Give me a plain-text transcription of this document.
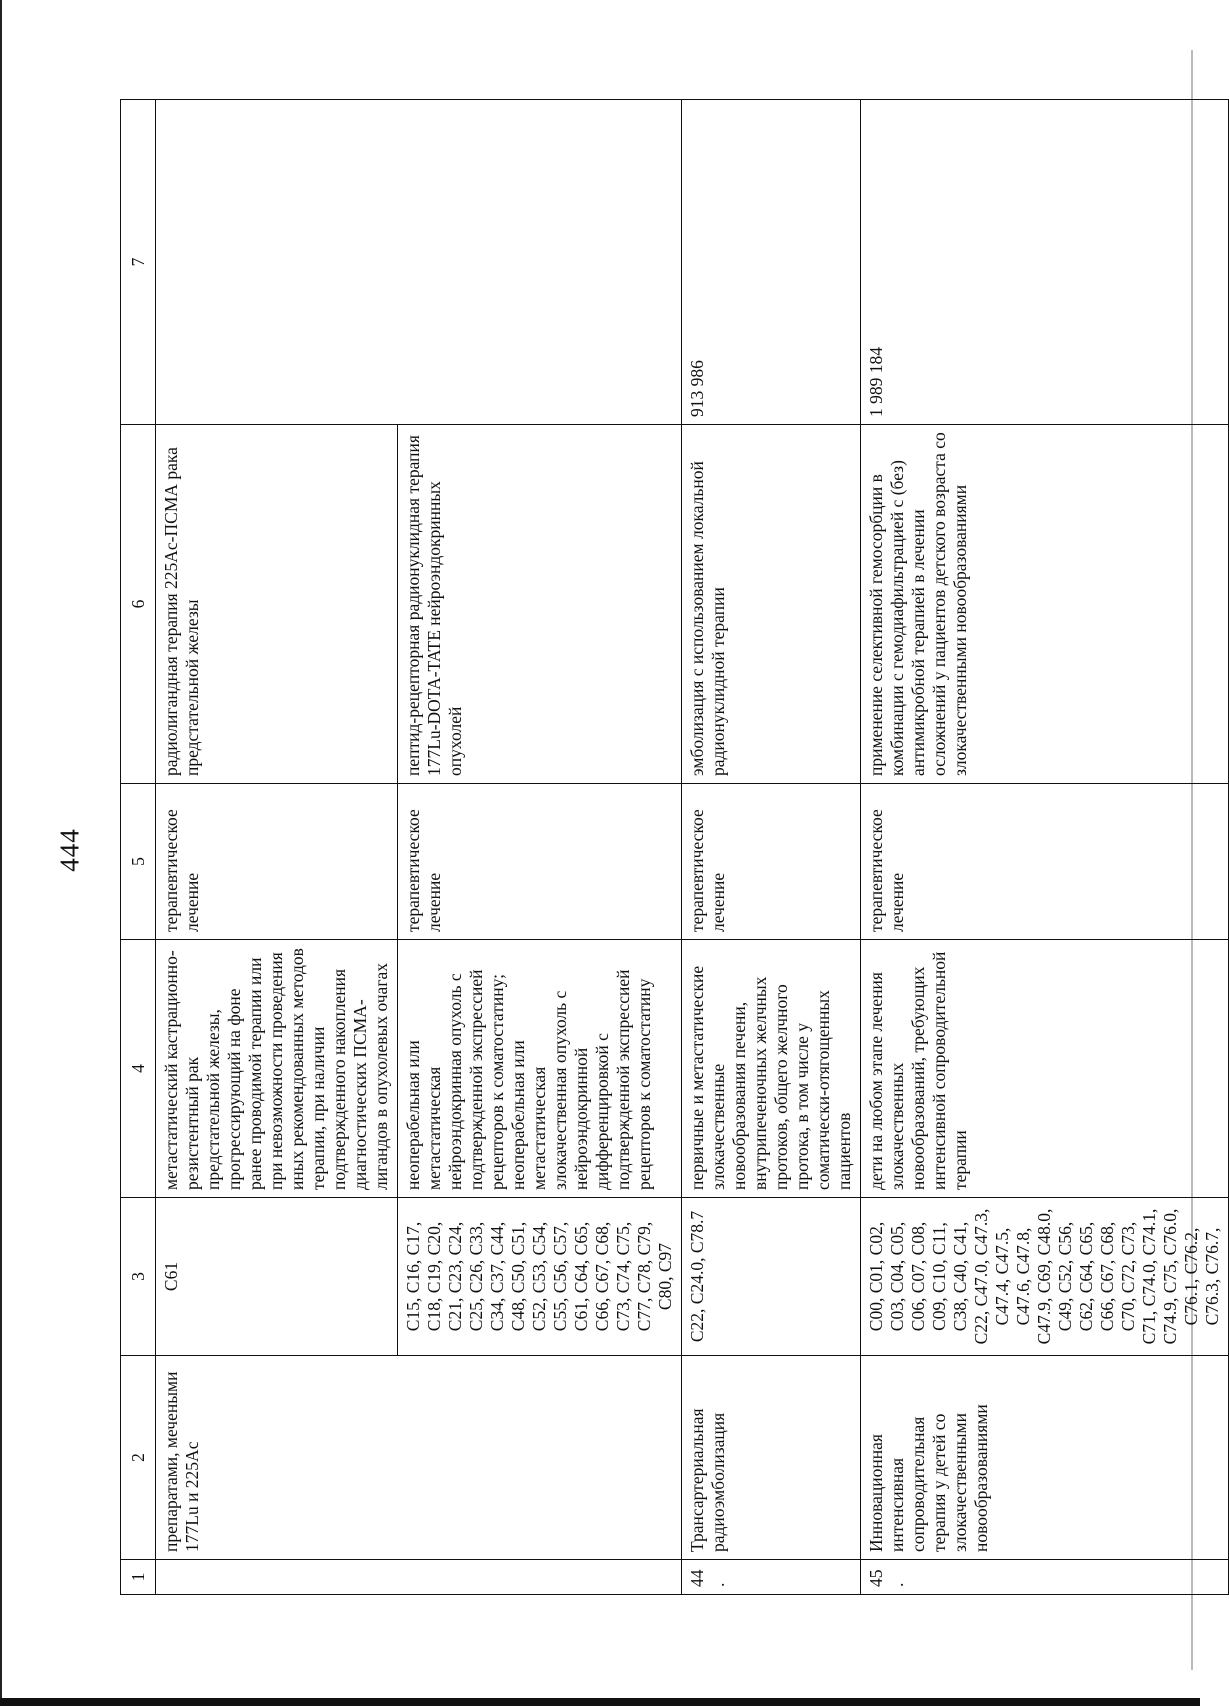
444
1	2	3	4	5	6	7
	препаратами, мечеными 177Lu и 225Ac	C61	метастатический кастрационно-резистентный рак предстательной железы, прогрессирующий на фоне ранее проводимой терапии или при невозможности проведения иных рекомендованных методов терапии, при наличии подтвержденного накопления диагностических ПСМА-лигандов в опухолевых очагах	терапевтическое лечение	радиолигандная терапия 225Ac-ПСМА рака предстательной железы	
		C15, C16, C17, C18, C19, C20, C21, C23, C24, C25, C26, C33, C34, C37, C44, C48, C50, C51, C52, C53, C54, C55, C56, C57, C61, C64, C65, C66, C67, C68, C73, C74, C75, C77, C78, C79, C80, C97	неоперабельная или метастатическая нейроэндокринная опухоль с подтвержденной экспрессией рецепторов к соматостатину; неоперабельная или метастатическая злокачественная опухоль с нейроэндокринной дифференцировкой с подтвержденной экспрессией рецепторов к соматостатину	терапевтическое лечение	пептид-рецепторная радионуклидная терапия 177Lu-DOTA-TATE нейроэндокринных опухолей	
44.	Трансартериальная радиоэмболизация	C22, C24.0, C78.7	первичные и метастатические злокачественные новообразования печени, внутрипеченочных желчных протоков, общего желчного протока, в том числе у соматически-отягощенных пациентов	терапевтическое лечение	эмболизация с использованием локальной радионуклидной терапии	913 986
45.	Инновационная интенсивная сопроводительная терапия у детей со злокачественными новообразованиями	C00, C01, C02, C03, C04, C05, C06, C07, C08, C09, C10, C11, C38, C40, C41, C22, C47.0, C47.3, C47.4, C47.5, C47.6, C47.8, C47.9, C69, C48.0, C49, C52, C56, C62, C64, C65, C66, C67, C68, C70, C72, C73, C71, C74.0, C74.1, C74.9, C75, C76.0, C76.1, C76.2, C76.3, C76.7,	дети на любом этапе лечения злокачественных новообразований, требующих интенсивной сопроводительной терапии	терапевтическое лечение	применение селективной гемосорбции в комбинации с гемодиафильтрацией с (без) антимикробной терапией в лечении осложнений у пациентов детского возраста со злокачественными новообразованиями	1 989 184
